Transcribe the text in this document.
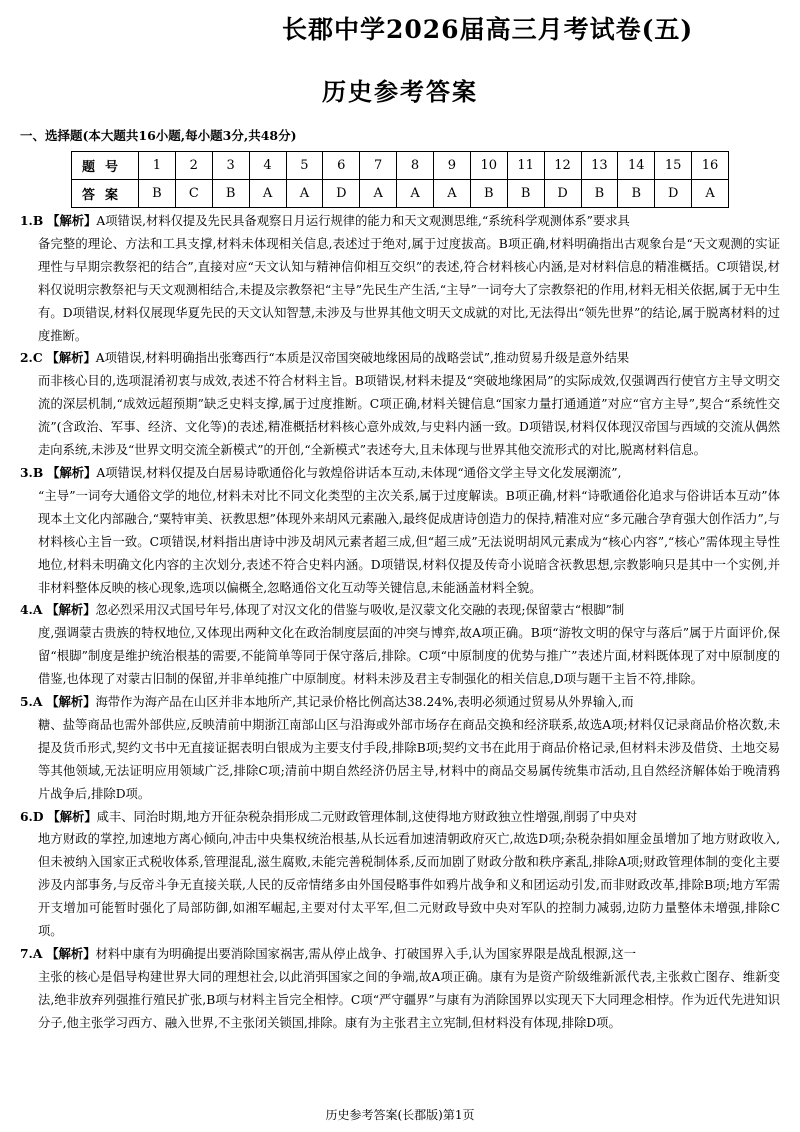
长郡中学2026届高三月考试卷(五)
历史参考答案
一、选择题(本大题共16小题,每小题3分,共48分)
题号	1	2	3	4	5	6	7	8	9	10	11	12	13	14	15	16
答案	B	C	B	A	A	D	A	A	A	B	B	D	B	B	D	A
1.B 【解析】A项错误,材料仅提及先民具备观察日月运行规律的能力和天文观测思维,“系统科学观测体系”要求具
备完整的理论、方法和工具支撑,材料未体现相关信息,表述过于绝对,属于过度拔高。B项正确,材料明确指出古观象台是“天文观测的实证理性与早期宗教祭祀的结合”,直接对应“天文认知与精神信仰相互交织”的表述,符合材料核心内涵,是对材料信息的精准概括。C项错误,材料仅说明宗教祭祀与天文观测相结合,未提及宗教祭祀“主导”先民生产生活,“主导”一词夸大了宗教祭祀的作用,材料无相关依据,属于无中生有。D项错误,材料仅展现华夏先民的天文认知智慧,未涉及与世界其他文明天文成就的对比,无法得出“领先世界”的结论,属于脱离材料的过度推断。
2.C 【解析】A项错误,材料明确指出张骞西行“本质是汉帝国突破地缘困局的战略尝试”,推动贸易升级是意外结果
而非核心目的,选项混淆初衷与成效,表述不符合材料主旨。B项错误,材料未提及“突破地缘困局”的实际成效,仅强调西行使官方主导文明交流的深层机制,“成效远超预期”缺乏史料支撑,属于过度推断。C项正确,材料关键信息“国家力量打通通道”对应“官方主导”,契合“系统性交流”(含政治、军事、经济、文化等)的表述,精准概括材料核心意外成效,与史料内涵一致。D项错误,材料仅体现汉帝国与西域的交流从偶然走向系统,未涉及“世界文明交流全新模式”的开创,“全新模式”表述夸大,且未体现与世界其他交流形式的对比,脱离材料信息。
3.B 【解析】A项错误,材料仅提及白居易诗歌通俗化与敦煌俗讲话本互动,未体现“通俗文学主导文化发展潮流”,
“主导”一词夸大通俗文学的地位,材料未对比不同文化类型的主次关系,属于过度解读。B项正确,材料“诗歌通俗化追求与俗讲话本互动”体现本土文化内部融合,“粟特审美、祆教思想”体现外来胡风元素融入,最终促成唐诗创造力的保持,精准对应“多元融合孕育强大创作活力”,与材料核心主旨一致。C项错误,材料指出唐诗中涉及胡风元素者超三成,但“超三成”无法说明胡风元素成为“核心内容”,“核心”需体现主导性地位,材料未明确文化内容的主次划分,表述不符合史料内涵。D项错误,材料仅提及传奇小说暗含祆教思想,宗教影响只是其中一个实例,并非材料整体反映的核心现象,选项以偏概全,忽略通俗文化互动等关键信息,未能涵盖材料全貌。
4.A 【解析】忽必烈采用汉式国号年号,体现了对汉文化的借鉴与吸收,是汉蒙文化交融的表现;保留蒙古“根脚”制
度,强调蒙古贵族的特权地位,又体现出两种文化在政治制度层面的冲突与博弈,故A项正确。B项“游牧文明的保守与落后”属于片面评价,保留“根脚”制度是维护统治根基的需要,不能简单等同于保守落后,排除。C项“中原制度的优势与推广”表述片面,材料既体现了对中原制度的借鉴,也体现了对蒙古旧制的保留,并非单纯推广中原制度。材料未涉及君主专制强化的相关信息,D项与题干主旨不符,排除。
5.A 【解析】海带作为海产品在山区并非本地所产,其记录价格比例高达38.24%,表明必须通过贸易从外界输入,而
糖、盐等商品也需外部供应,反映清前中期浙江南部山区与沿海或外部市场存在商品交换和经济联系,故选A项;材料仅记录商品价格次数,未提及货币形式,契约文书中无直接证据表明白银成为主要支付手段,排除B项;契约文书在此用于商品价格记录,但材料未涉及借贷、土地交易等其他领域,无法证明应用领域广泛,排除C项;清前中期自然经济仍居主导,材料中的商品交易属传统集市活动,且自然经济解体始于晚清鸦片战争后,排除D项。
6.D 【解析】咸丰、同治时期,地方开征杂税杂捐形成二元财政管理体制,这使得地方财政独立性增强,削弱了中央对
地方财政的掌控,加速地方离心倾向,冲击中央集权统治根基,从长远看加速清朝政府灭亡,故选D项;杂税杂捐如厘金虽增加了地方财政收入,但未被纳入国家正式税收体系,管理混乱,滋生腐败,未能完善税制体系,反而加剧了财政分散和秩序紊乱,排除A项;财政管理体制的变化主要涉及内部事务,与反帝斗争无直接关联,人民的反帝情绪多由外国侵略事件如鸦片战争和义和团运动引发,而非财政改革,排除B项;地方军需开支增加可能暂时强化了局部防御,如湘军崛起,主要对付太平军,但二元财政导致中央对军队的控制力减弱,边防力量整体未增强,排除C项。
7.A 【解析】材料中康有为明确提出要消除国家祸害,需从停止战争、打破国界入手,认为国家界限是战乱根源,这一
主张的核心是倡导构建世界大同的理想社会,以此消弭国家之间的争端,故A项正确。康有为是资产阶级维新派代表,主张救亡图存、维新变法,绝非放弃列强推行殖民扩张,B项与材料主旨完全相悖。C项“严守疆界”与康有为消除国界以实现天下大同理念相悖。作为近代先进知识分子,他主张学习西方、融入世界,不主张闭关锁国,排除。康有为主张君主立宪制,但材料没有体现,排除D项。
历史参考答案(长郡版)第1页
